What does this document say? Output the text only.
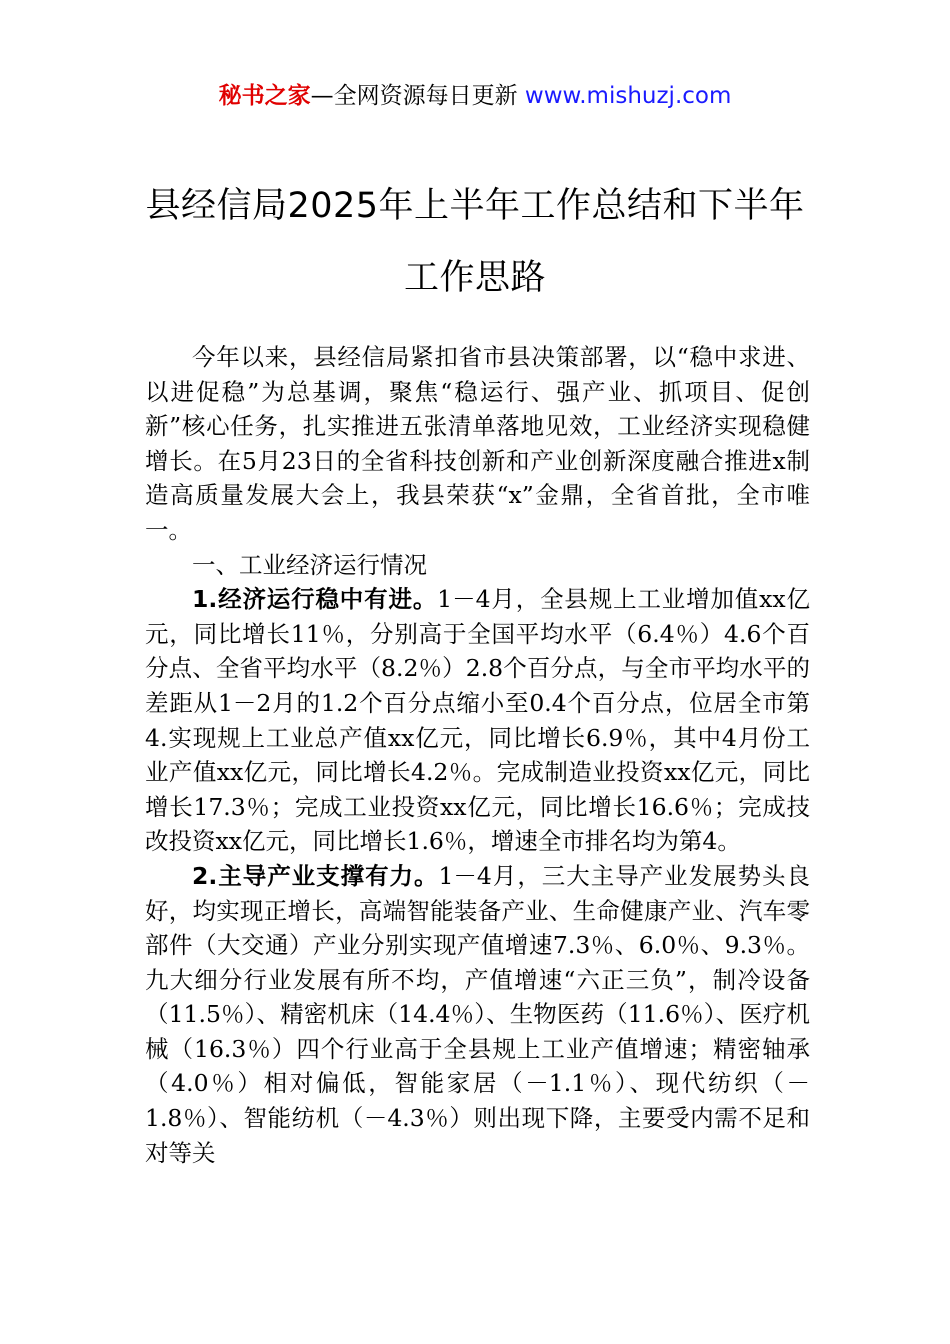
秘书之家—全网资源每日更新 www.mishuzj.com
县经信局2025年上半年工作总结和下半年
工作思路

今年以来，县经信局紧扣省市县决策部署，以“稳中求进、以进促稳”为总基调，聚焦“稳运行、强产业、抓项目、促创新”核心任务，扎实推进五张清单落地见效，工业经济实现稳健增长。在5月23日的全省科技创新和产业创新深度融合推进x制造高质量发展大会上，我县荣获“x”金鼎，全省首批，全市唯一。

一、工业经济运行情况

1.经济运行稳中有进。1－4月，全县规上工业增加值xx亿元，同比增长11％，分别高于全国平均水平（6.4％）4.6个百分点、全省平均水平（8.2％）2.8个百分点，与全市平均水平的差距从1－2月的1.2个百分点缩小至0.4个百分点，位居全市第4.实现规上工业总产值xx亿元，同比增长6.9％，其中4月份工业产值xx亿元，同比增长4.2％。完成制造业投资xx亿元，同比增长17.3％；完成工业投资xx亿元，同比增长16.6％；完成技改投资xx亿元，同比增长1.6％，增速全市排名均为第4。

2.主导产业支撑有力。1－4月，三大主导产业发展势头良好，均实现正增长，高端智能装备产业、生命健康产业、汽车零部件（大交通）产业分别实现产值增速7.3％、6.0％、9.3％。九大细分行业发展有所不均，产值增速“六正三负”，制冷设备（11.5％）、精密机床（14.4％）、生物医药（11.6％）、医疗机械（16.3％）四个行业高于全县规上工业产值增速；精密轴承（4.0％）相对偏低，智能家居（－1.1％）、现代纺织（－1.8％）、智能纺机（－4.3％）则出现下降，主要受内需不足和对等关
